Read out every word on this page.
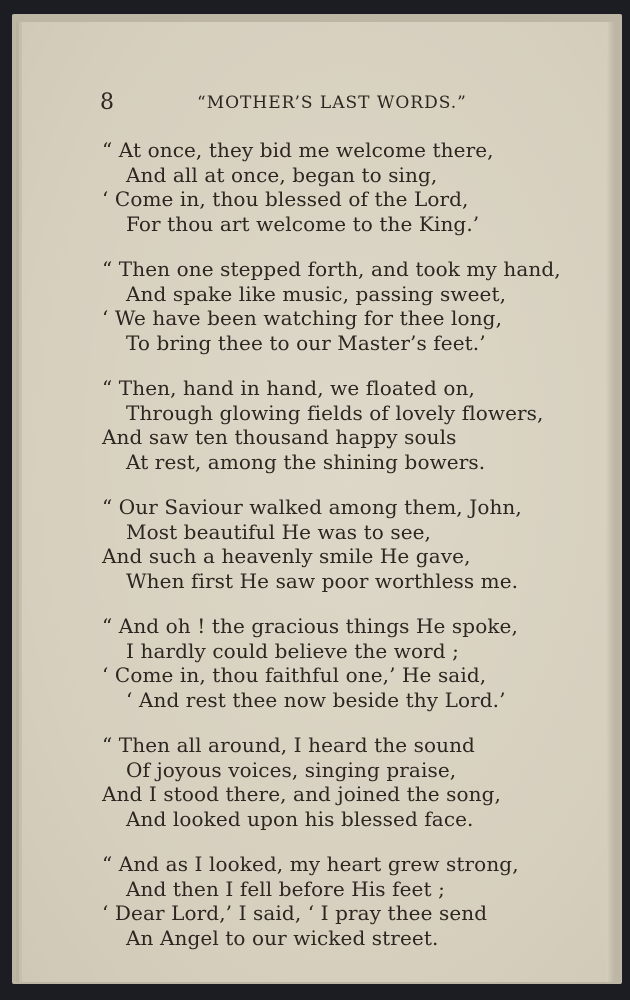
8	“MOTHER’S LAST WORDS.”
“ At once, they bid me welcome there,
And all at once, began to sing,
‘ Come in, thou blessed of the Lord,
For thou art welcome to the King.’
“ Then one stepped forth, and took my hand,
And spake like music, passing sweet,
‘ We have been watching for thee long,
To bring thee to our Master’s feet.’
“ Then, hand in hand, we floated on,
Through glowing fields of lovely flowers,
And saw ten thousand happy souls
At rest, among the shining bowers.
“ Our Saviour walked among them, John,
Most beautiful He was to see,
And such a heavenly smile He gave,
When first He saw poor worthless me.
“ And oh ! the gracious things He spoke,
I hardly could believe the word ;
‘ Come in, thou faithful one,’ He said,
‘ And rest thee now beside thy Lord.’
“ Then all around, I heard the sound
Of joyous voices, singing praise,
And I stood there, and joined the song,
And looked upon his blessed face.
“ And as I looked, my heart grew strong,
And then I fell before His feet ;
‘ Dear Lord,’ I said, ‘ I pray thee send
An Angel to our wicked street.
